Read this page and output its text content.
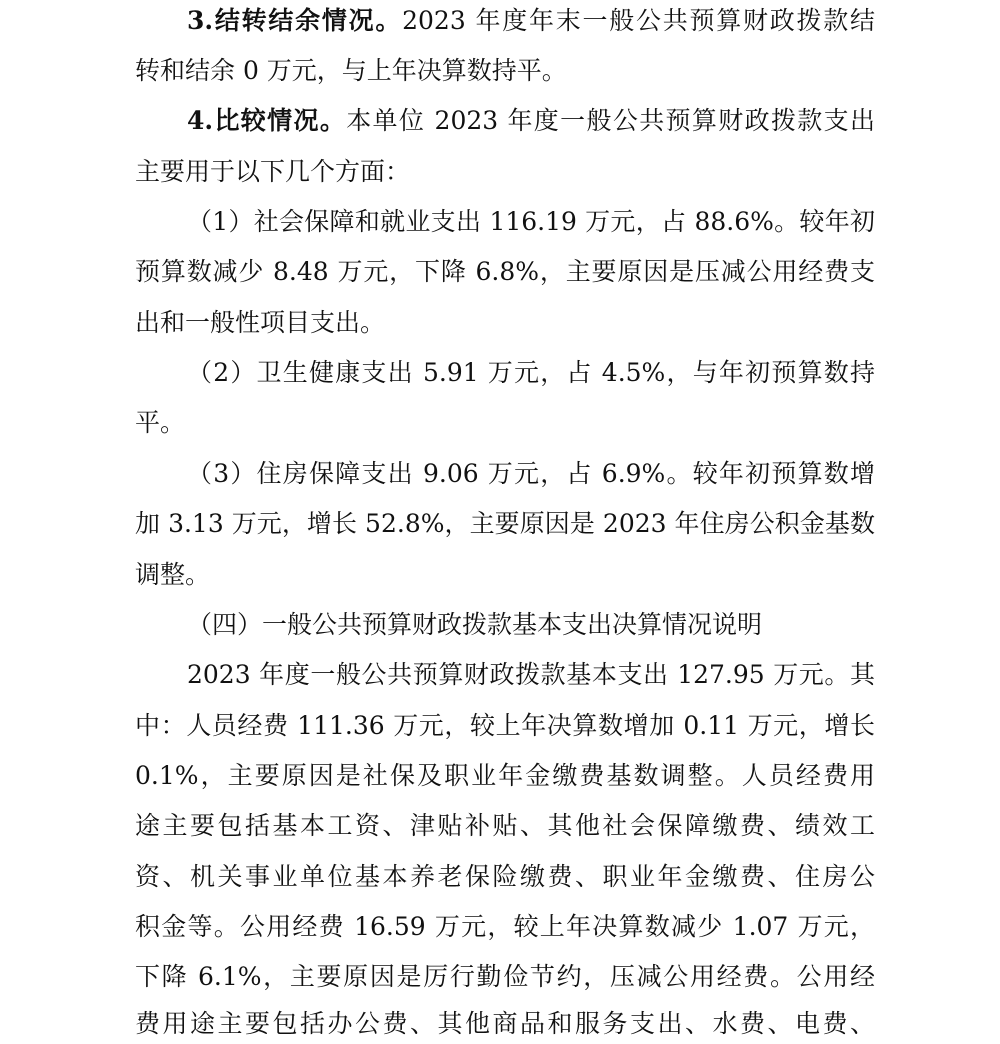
3.结转结余情况。2023 年度年末一般公共预算财政拨款结
转和结余 0 万元，与上年决算数持平。
4.比较情况。本单位 2023 年度一般公共预算财政拨款支出
主要用于以下几个方面：
（1）社会保障和就业支出 116.19 万元，占 88.6%。较年初
预算数减少 8.48 万元，下降 6.8%，主要原因是压减公用经费支
出和一般性项目支出。
（2）卫生健康支出 5.91 万元，占 4.5%，与年初预算数持
平。
（3）住房保障支出 9.06 万元，占 6.9%。较年初预算数增
加 3.13 万元，增长 52.8%，主要原因是 2023 年住房公积金基数
调整。
（四）一般公共预算财政拨款基本支出决算情况说明
2023 年度一般公共预算财政拨款基本支出 127.95 万元。其
中：人员经费 111.36 万元，较上年决算数增加 0.11 万元，增长
0.1%，主要原因是社保及职业年金缴费基数调整。人员经费用
途主要包括基本工资、津贴补贴、其他社会保障缴费、绩效工
资、机关事业单位基本养老保险缴费、职业年金缴费、住房公
积金等。公用经费 16.59 万元，较上年决算数减少 1.07 万元，
下降 6.1%，主要原因是厉行勤俭节约，压减公用经费。公用经
费用途主要包括办公费、其他商品和服务支出、水费、电费、
